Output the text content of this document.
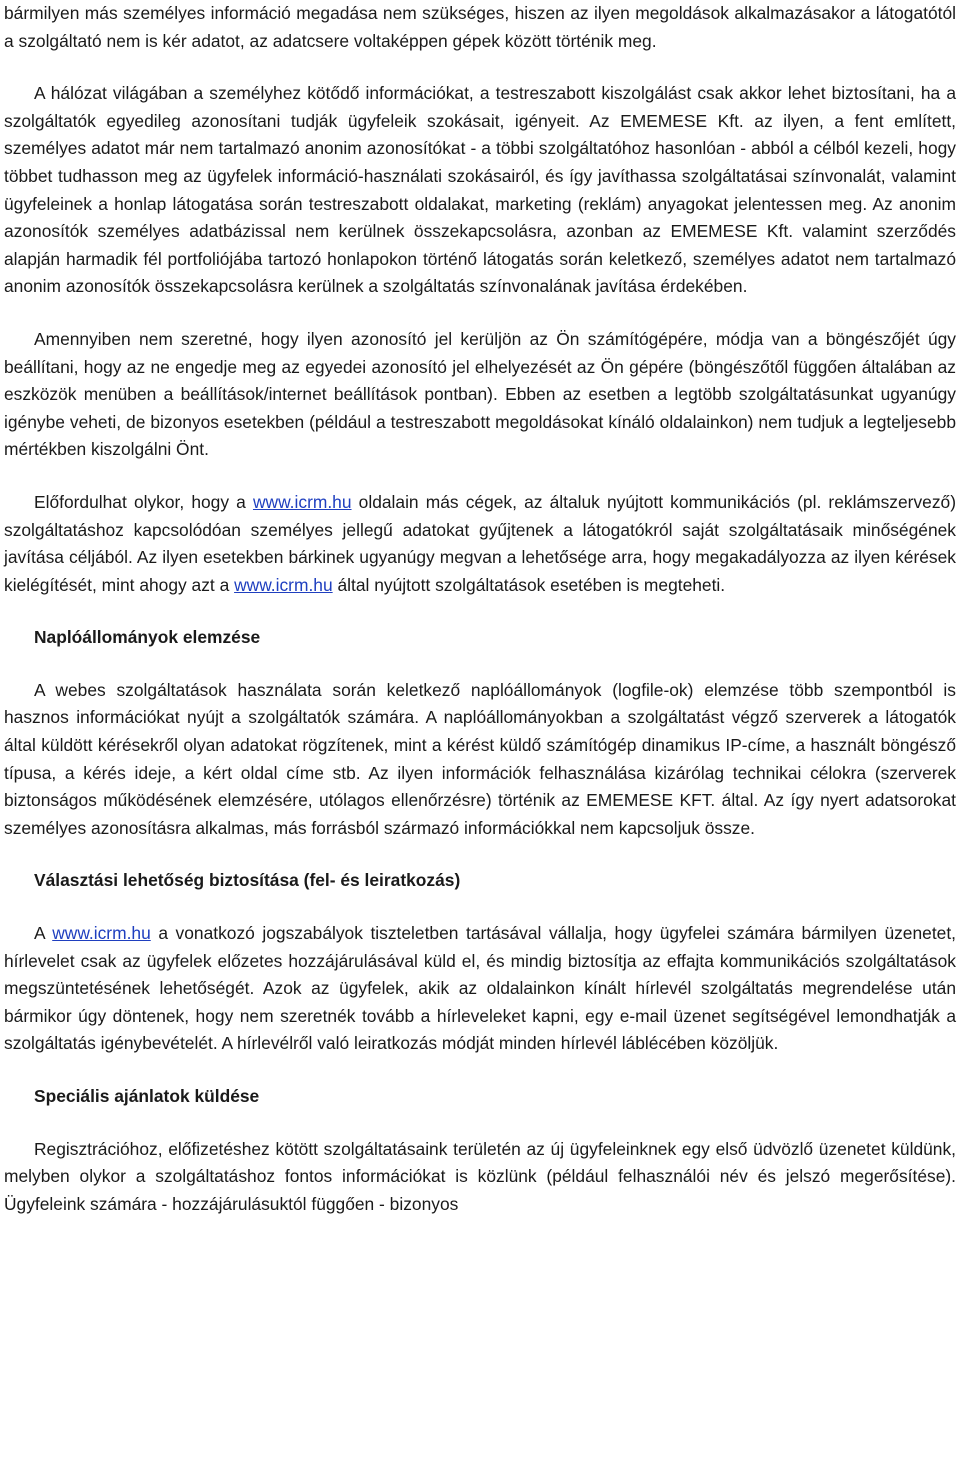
bármilyen más személyes információ megadása nem szükséges, hiszen az ilyen megoldások alkalmazásakor a látogatótól a szolgáltató nem is kér adatot, az adatcsere voltaképpen gépek között történik meg.

A hálózat világában a személyhez kötődő információkat, a testreszabott kiszolgálást csak akkor lehet biztosítani, ha a szolgáltatók egyedileg azonosítani tudják ügyfeleik szokásait, igényeit. Az EMEMESE Kft. az ilyen, a fent említett, személyes adatot már nem tartalmazó anonim azonosítókat - a többi szolgáltatóhoz hasonlóan - abból a célból kezeli, hogy többet tudhasson meg az ügyfelek információ-használati szokásairól, és így javíthassa szolgáltatásai színvonalát, valamint ügyfeleinek a honlap látogatása során testreszabott oldalakat, marketing (reklám) anyagokat jelentessen meg. Az anonim azonosítók személyes adatbázissal nem kerülnek összekapcsolásra, azonban az EMEMESE Kft. valamint szerződés alapján harmadik fél portfoliójába tartozó honlapokon történő látogatás során keletkező, személyes adatot nem tartalmazó anonim azonosítók összekapcsolásra kerülnek a szolgáltatás színvonalának javítása érdekében.

Amennyiben nem szeretné, hogy ilyen azonosító jel kerüljön az Ön számítógépére, módja van a böngészőjét úgy beállítani, hogy az ne engedje meg az egyedei azonosító jel elhelyezését az Ön gépére (böngészőtől függően általában az eszközök menüben a beállítások/internet beállítások pontban). Ebben az esetben a legtöbb szolgáltatásunkat ugyanúgy igénybe veheti, de bizonyos esetekben (például a testreszabott megoldásokat kínáló oldalainkon) nem tudjuk a legteljesebb mértékben kiszolgálni Önt.

Előfordulhat olykor, hogy a www.icrm.hu oldalain más cégek, az általuk nyújtott kommunikációs (pl. reklámszervező) szolgáltatáshoz kapcsolódóan személyes jellegű adatokat gyűjtenek a látogatókról saját szolgáltatásaik minőségének javítása céljából. Az ilyen esetekben bárkinek ugyanúgy megvan a lehetősége arra, hogy megakadályozza az ilyen kérések kielégítését, mint ahogy azt a www.icrm.hu által nyújtott szolgáltatások esetében is megteheti.

Naplóállományok elemzése

A webes szolgáltatások használata során keletkező naplóállományok (logfile-ok) elemzése több szempontból is hasznos információkat nyújt a szolgáltatók számára. A naplóállományokban a szolgáltatást végző szerverek a látogatók által küldött kérésekről olyan adatokat rögzítenek, mint a kérést küldő számítógép dinamikus IP-címe, a használt böngésző típusa, a kérés ideje, a kért oldal címe stb. Az ilyen információk felhasználása kizárólag technikai célokra (szerverek biztonságos működésének elemzésére, utólagos ellenőrzésre) történik az EMEMESE KFT. által. Az így nyert adatsorokat személyes azonosításra alkalmas, más forrásból származó információkkal nem kapcsoljuk össze.

Választási lehetőség biztosítása (fel- és leiratkozás)

A www.icrm.hu a vonatkozó jogszabályok tiszteletben tartásával vállalja, hogy ügyfelei számára bármilyen üzenetet, hírlevelet csak az ügyfelek előzetes hozzájárulásával küld el, és mindig biztosítja az effajta kommunikációs szolgáltatások megszüntetésének lehetőségét. Azok az ügyfelek, akik az oldalainkon kínált hírlevél szolgáltatás megrendelése után bármikor úgy döntenek, hogy nem szeretnék tovább a hírleveleket kapni, egy e-mail üzenet segítségével lemondhatják a szolgáltatás igénybevételét. A hírlevélről való leiratkozás módját minden hírlevél láblécében közöljük.

Speciális ajánlatok küldése

Regisztrációhoz, előfizetéshez kötött szolgáltatásaink területén az új ügyfeleinknek egy első üdvözlő üzenetet küldünk, melyben olykor a szolgáltatáshoz fontos információkat is közlünk (például felhasználói név és jelszó megerősítése). Ügyfeleink számára - hozzájárulásuktól függően - bizonyos
